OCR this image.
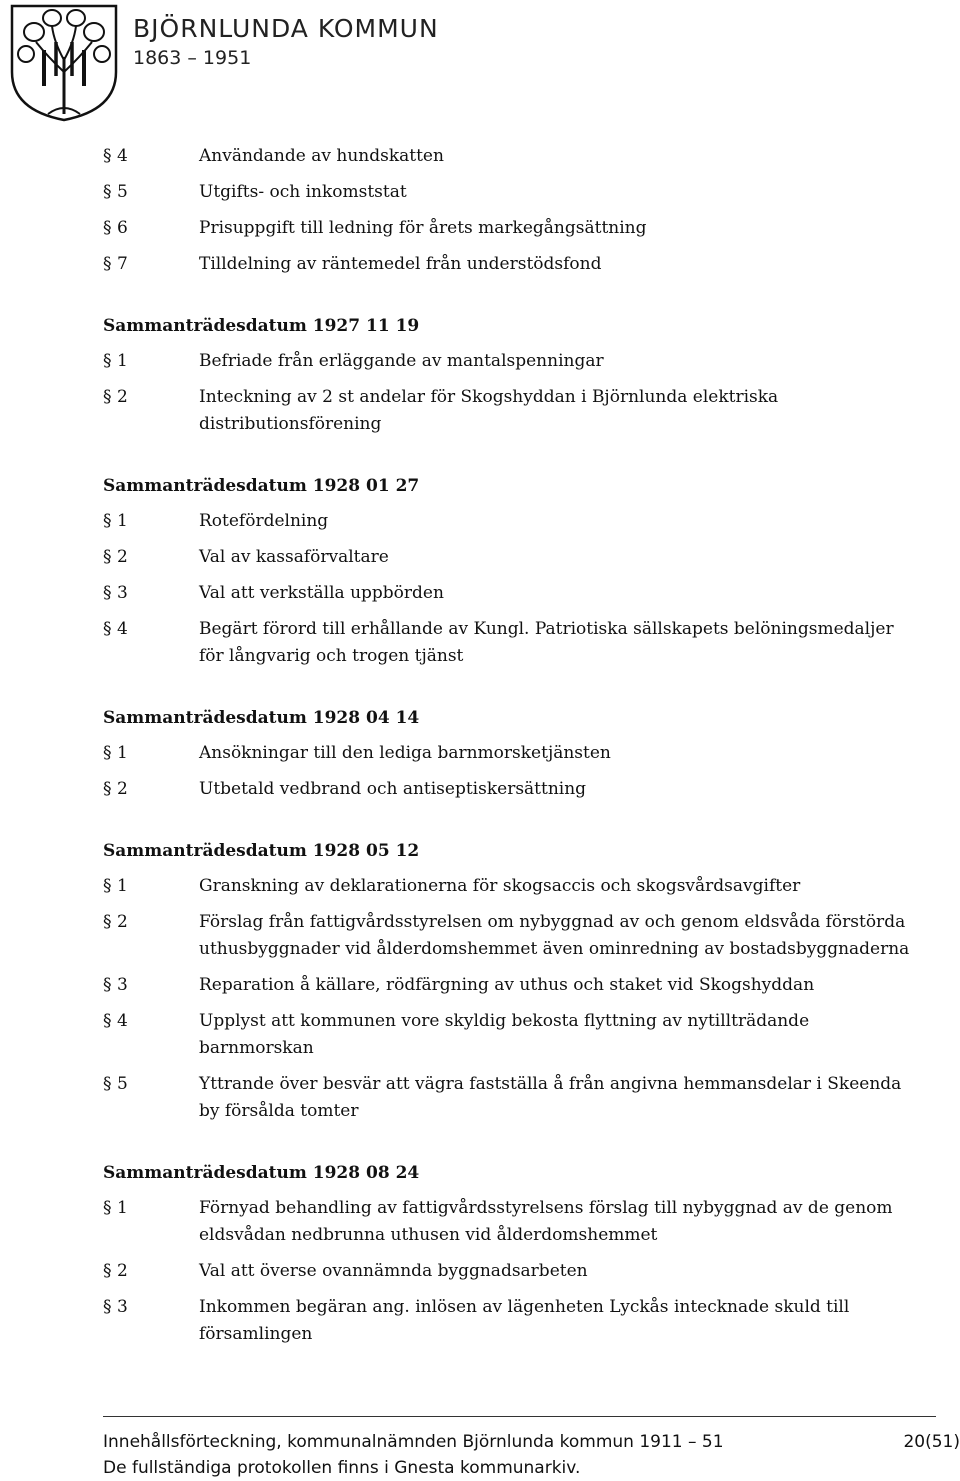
BJÖRNLUNDA KOMMUN
1863 – 1951
§ 4	Användande av hundskatten
§ 5	Utgifts- och inkomststat
§ 6	Prisuppgift till ledning för årets markegångsättning
§ 7	Tilldelning av räntemedel från understödsfond
Sammanträdesdatum 1927 11 19
§ 1	Befriade från erläggande av mantalspenningar
§ 2	Inteckning av 2 st andelar för Skogshyddan i Björnlunda elektriska distributionsförening
Sammanträdesdatum 1928 01 27
§ 1	Rotefördelning
§ 2	Val av kassaförvaltare
§ 3	Val att verkställa uppbörden
§ 4	Begärt förord till erhållande av Kungl. Patriotiska sällskapets belöningsmedaljer för långvarig och trogen tjänst
Sammanträdesdatum 1928 04 14
§ 1	Ansökningar till den lediga barnmorsketjänsten
§ 2	Utbetald vedbrand och antiseptiskersättning
Sammanträdesdatum 1928 05 12
§ 1	Granskning av deklarationerna för skogsaccis och skogsvårdsavgifter
§ 2	Förslag från fattigvårdsstyrelsen om nybyggnad av och genom eldsvåda förstörda uthusbyggnader vid ålderdomshemmet även ominredning av bostadsbyggnaderna
§ 3	Reparation å källare, rödfärgning av uthus och staket vid Skogshyddan
§ 4	Upplyst att kommunen vore skyldig bekosta flyttning av nytillträdande barnmorskan
§ 5	Yttrande över besvär att vägra fastställa å från angivna hemmansdelar i Skeenda by försålda tomter
Sammanträdesdatum 1928 08 24
§ 1	Förnyad behandling av fattigvårdsstyrelsens förslag till nybyggnad av de genom eldsvådan nedbrunna uthusen vid ålderdomshemmet
§ 2	Val att överse ovannämnda byggnadsarbeten
§ 3	Inkommen begäran ang. inlösen av lägenheten Lyckås intecknade skuld till församlingen
Innehållsförteckning, kommunalnämnden Björnlunda kommun 1911 – 51
De fullständiga protokollen finns i Gnesta kommunarkiv.
20(51)
